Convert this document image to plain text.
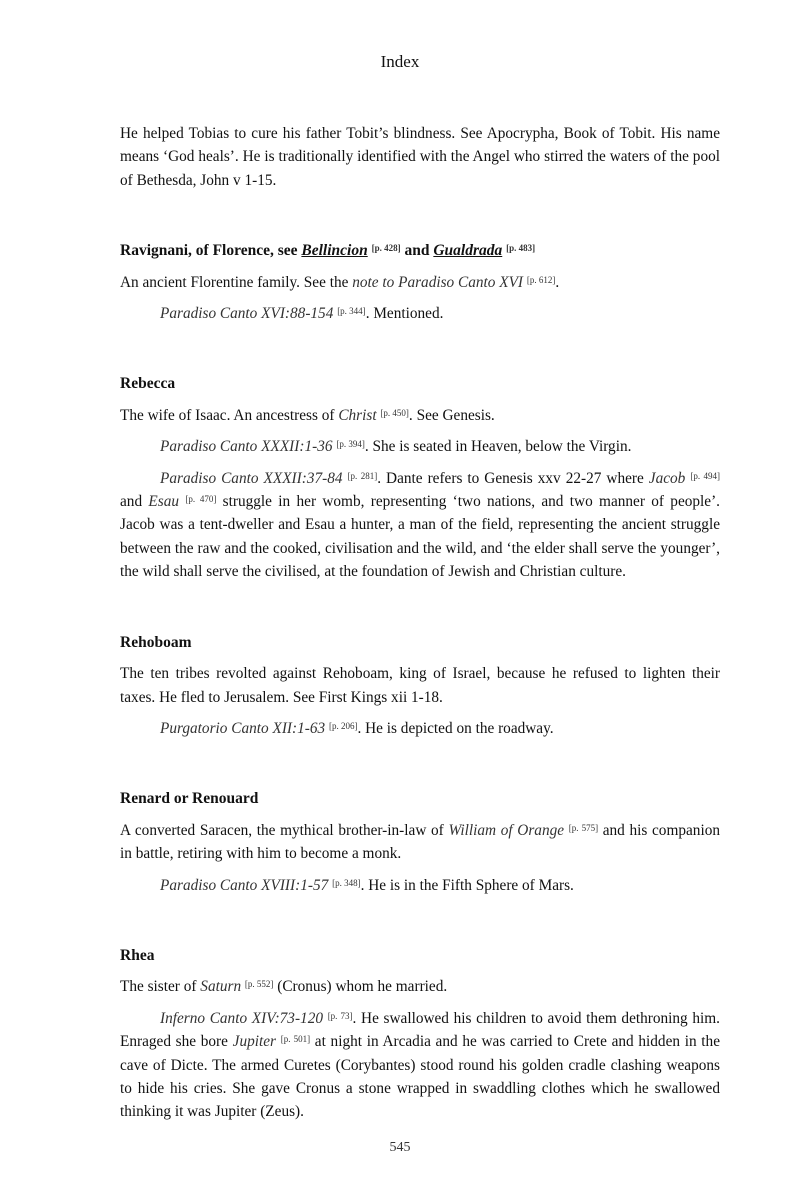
Index

He helped Tobias to cure his father Tobit’s blindness. See Apocrypha, Book of Tobit. His name means ‘God heals’. He is traditionally identified with the Angel who stirred the waters of the pool of Bethesda, John v 1-15.

Ravignani, of Florence, see Bellincion [p. 428] and Gualdrada [p. 483]

An ancient Florentine family. See the note to Paradiso Canto XVI [p. 612].

Paradiso Canto XVI:88-154 [p. 344]. Mentioned.

Rebecca

The wife of Isaac. An ancestress of Christ [p. 450]. See Genesis.

Paradiso Canto XXXII:1-36 [p. 394]. She is seated in Heaven, below the Virgin.

Paradiso Canto XXXII:37-84 [p. 281]. Dante refers to Genesis xxv 22-27 where Jacob [p. 494] and Esau [p. 470] struggle in her womb, representing ‘two nations, and two manner of people’. Jacob was a tent-dweller and Esau a hunter, a man of the field, representing the ancient struggle between the raw and the cooked, civilisation and the wild, and ‘the elder shall serve the younger’, the wild shall serve the civilised, at the foundation of Jewish and Christian culture.

Rehoboam

The ten tribes revolted against Rehoboam, king of Israel, because he refused to lighten their taxes. He fled to Jerusalem. See First Kings xii 1-18.

Purgatorio Canto XII:1-63 [p. 206]. He is depicted on the roadway.

Renard or Renouard

A converted Saracen, the mythical brother-in-law of William of Orange [p. 575] and his companion in battle, retiring with him to become a monk.

Paradiso Canto XVIII:1-57 [p. 348]. He is in the Fifth Sphere of Mars.

Rhea

The sister of Saturn [p. 552] (Cronus) whom he married.

Inferno Canto XIV:73-120 [p. 73]. He swallowed his children to avoid them dethroning him. Enraged she bore Jupiter [p. 501] at night in Arcadia and he was carried to Crete and hidden in the cave of Dicte. The armed Curetes (Corybantes) stood round his golden cradle clashing weapons to hide his cries. She gave Cronus a stone wrapped in swaddling clothes which he swallowed thinking it was Jupiter (Zeus).

545
